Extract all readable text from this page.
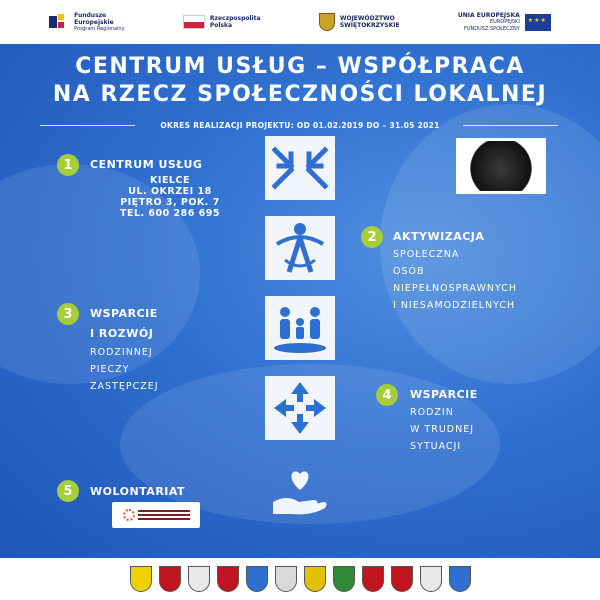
Fundusze
Europejskie
Program Regionalny
Rzeczpospolita
Polska
WOJEWÓDZTWO
ŚWIĘTOKRZYSKIE
UNIA EUROPEJSKA
EUROPEJSKI
FUNDUSZ SPOŁECZNY
★★★
CENTRUM USŁUG – WSPÓŁPRACA
NA RZECZ SPOŁECZNOŚCI LOKALNEJ
OKRES REALIZACJI PROJEKTU: OD 01.02.2019 DO – 31.05 2021
1	CENTRUM USŁUG
KIELCE
UL. OKRZEI 18
PIĘTRO 3, POK. 7
TEL. 600 286 695
2	AKTYWIZACJA
SPOŁECZNA
OSÓB
NIEPEŁNOSPRAWNYCH
I NIESAMODZIELNYCH
3	WSPARCIE
I ROZWÓJ
RODZINNEJ
PIECZY
ZASTĘPCZEJ
4	WSPARCIE
RODZIN
W TRUDNEJ
SYTUACJI
5	WOLONTARIAT
